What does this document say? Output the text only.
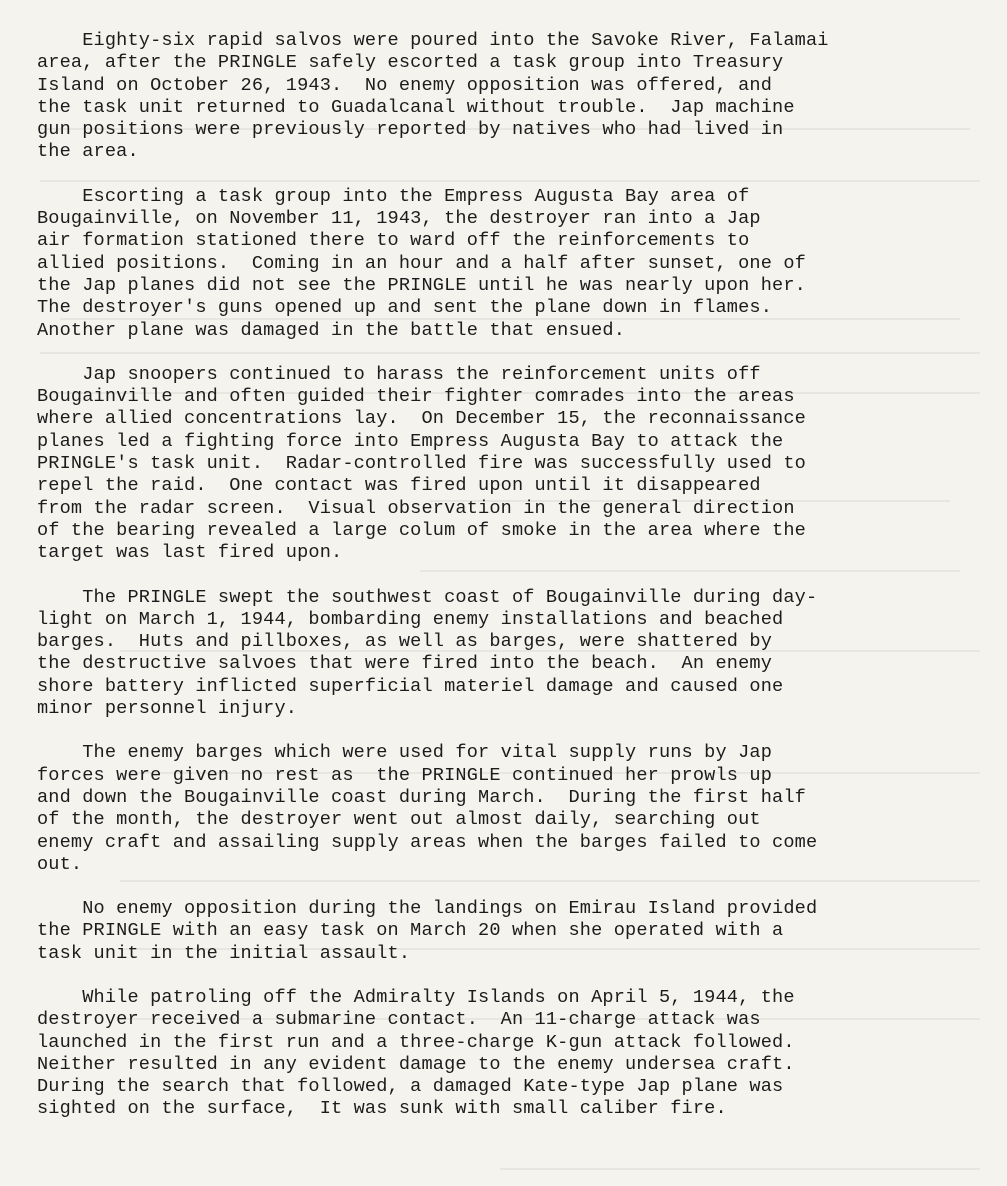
Eighty-six rapid salvos were poured into the Savoke River, Falamai
area, after the PRINGLE safely escorted a task group into Treasury
Island on October 26, 1943.  No enemy opposition was offered, and
the task unit returned to Guadalcanal without trouble.  Jap machine
gun positions were previously reported by natives who had lived in
the area.

Escorting a task group into the Empress Augusta Bay area of
Bougainville, on November 11, 1943, the destroyer ran into a Jap
air formation stationed there to ward off the reinforcements to
allied positions.  Coming in an hour and a half after sunset, one of
the Jap planes did not see the PRINGLE until he was nearly upon her.
The destroyer's guns opened up and sent the plane down in flames.
Another plane was damaged in the battle that ensued.

Jap snoopers continued to harass the reinforcement units off
Bougainville and often guided their fighter comrades into the areas
where allied concentrations lay.  On December 15, the reconnaissance
planes led a fighting force into Empress Augusta Bay to attack the
PRINGLE's task unit.  Radar-controlled fire was successfully used to
repel the raid.  One contact was fired upon until it disappeared
from the radar screen.  Visual observation in the general direction
of the bearing revealed a large colum of smoke in the area where the
target was last fired upon.

The PRINGLE swept the southwest coast of Bougainville during day-
light on March 1, 1944, bombarding enemy installations and beached
barges.  Huts and pillboxes, as well as barges, were shattered by
the destructive salvoes that were fired into the beach.  An enemy
shore battery inflicted superficial materiel damage and caused one
minor personnel injury.

The enemy barges which were used for vital supply runs by Jap
forces were given no rest as  the PRINGLE continued her prowls up
and down the Bougainville coast during March.  During the first half
of the month, the destroyer went out almost daily, searching out
enemy craft and assailing supply areas when the barges failed to come
out.

No enemy opposition during the landings on Emirau Island provided
the PRINGLE with an easy task on March 20 when she operated with a
task unit in the initial assault.

While patroling off the Admiralty Islands on April 5, 1944, the
destroyer received a submarine contact.  An 11-charge attack was
launched in the first run and a three-charge K-gun attack followed.
Neither resulted in any evident damage to the enemy undersea craft.
During the search that followed, a damaged Kate-type Jap plane was
sighted on the surface,  It was sunk with small caliber fire.
